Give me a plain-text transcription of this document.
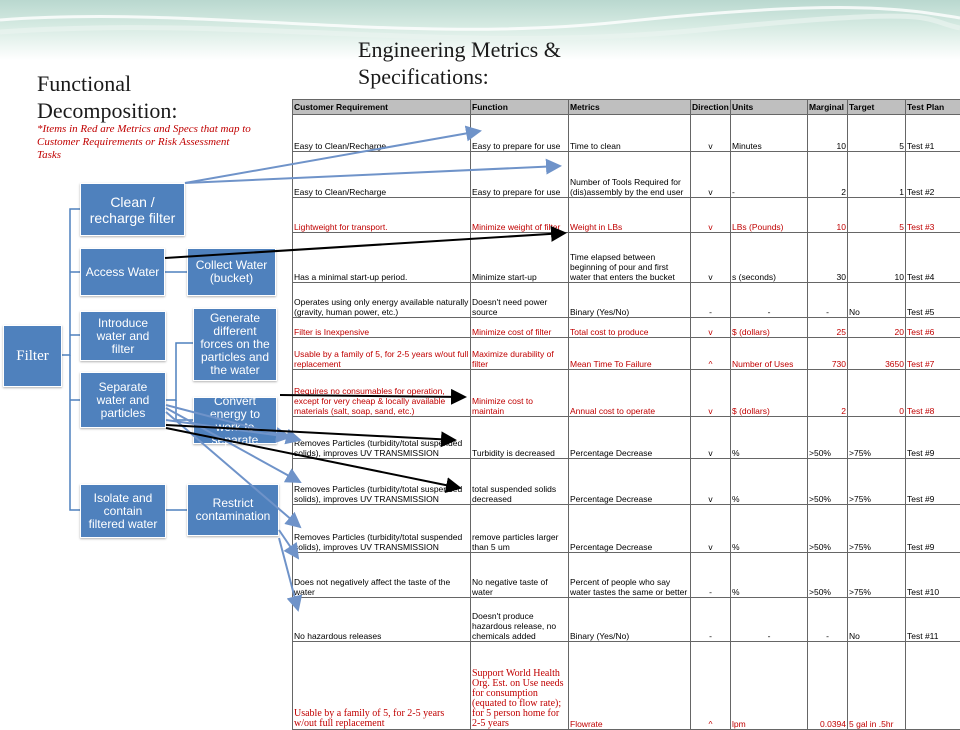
Engineering Metrics & Specifications:
Functional Decomposition:
*Items in Red are Metrics and Specs that map to Customer Requirements or Risk Assessment Tasks
Filter
Clean / recharge filter
Access Water
Introduce water and filter
Separate water and particles
Isolate and contain filtered water
Collect Water (bucket)
Generate different forces on the particles and the water
Convert energy to work to separate
Restrict contamination
Customer Requirement	Function	Metrics	Direction	Units	Marginal	Target	Test Plan
Easy to Clean/Recharge	Easy to prepare for use	Time to clean	v	Minutes	10	5	Test #1
Easy to Clean/Recharge	Easy to prepare for use	Number of Tools Required for (dis)assembly by the end user	v	-	2	1	Test #2
Lightweight for transport.	Minimize weight of filter	Weight in LBs	v	LBs (Pounds)	10	5	Test #3
Has a minimal start-up period.	Minimize start-up	Time elapsed between beginning of pour and first water that enters the bucket	v	s (seconds)	30	10	Test #4
Operates using only energy available naturally (gravity, human power, etc.)	Doesn't need power source	Binary (Yes/No)	-	-	-	No	Test #5
Filter is Inexpensive	Minimize cost of filter	Total cost to produce	v	$ (dollars)	25	20	Test #6
Usable by a family of 5, for 2-5 years w/out full replacement	Maximize durability of filter	Mean Time To Failure	^	Number of Uses	730	3650	Test #7
Requires no consumables for operation, except for very cheap & locally available materials (salt, soap, sand, etc.)	Minimize cost to maintain	Annual cost to operate	v	$ (dollars)	2	0	Test #8
Removes Particles (turbidity/total suspended solids), improves UV TRANSMISSION	Turbidity is decreased	Percentage Decrease	v	%	>50%	>75%	Test #9
Removes Particles (turbidity/total suspended solids), improves UV TRANSMISSION	total suspended solids decreased	Percentage Decrease	v	%	>50%	>75%	Test #9
Removes Particles (turbidity/total suspended solids), improves UV TRANSMISSION	remove particles larger than 5 um	Percentage Decrease	v	%	>50%	>75%	Test #9
Does not negatively affect the taste of the water	No negative taste of water	Percent of people who say water tastes the same or better	-	%	>50%	>75%	Test #10
No hazardous releases	Doesn't produce hazardous release, no chemicals added	Binary (Yes/No)	-	-	-	No	Test #11
Usable by a family of 5, for 2-5 years w/out full replacement	Support World Health Org. Est. on Use needs for consumption (equated to flow rate); for 5 person home for 2-5 years	Flowrate	^	lpm	0.0394	5 gal in .5hr	
